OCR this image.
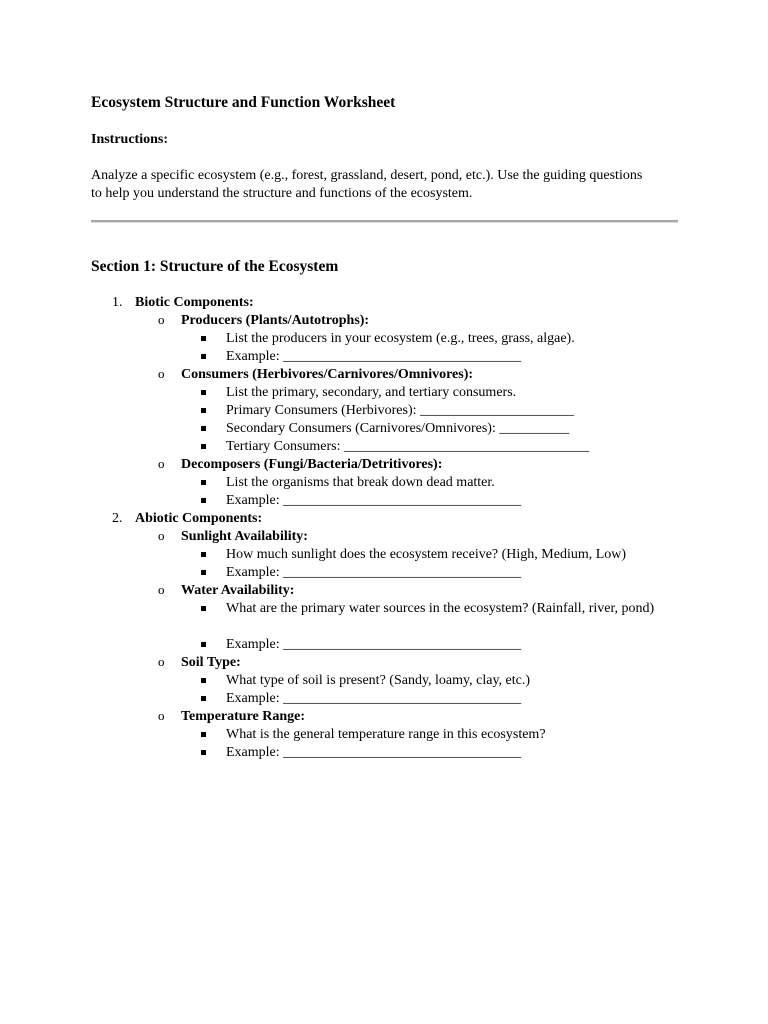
Ecosystem Structure and Function Worksheet
Instructions:
Analyze a specific ecosystem (e.g., forest, grassland, desert, pond, etc.). Use the guiding questions to help you understand the structure and functions of the ecosystem.
Section 1: Structure of the Ecosystem
1. Biotic Components:
o Producers (Plants/Autotrophs):
List the producers in your ecosystem (e.g., trees, grass, algae).
Example: __________________________________
o Consumers (Herbivores/Carnivores/Omnivores):
List the primary, secondary, and tertiary consumers.
Primary Consumers (Herbivores): ______________________
Secondary Consumers (Carnivores/Omnivores): __________
Tertiary Consumers: ___________________________________
o Decomposers (Fungi/Bacteria/Detritivores):
List the organisms that break down dead matter.
Example: __________________________________
2. Abiotic Components:
o Sunlight Availability:
How much sunlight does the ecosystem receive? (High, Medium, Low)
Example: __________________________________
o Water Availability:
What are the primary water sources in the ecosystem? (Rainfall, river, pond)
Example: __________________________________
o Soil Type:
What type of soil is present? (Sandy, loamy, clay, etc.)
Example: __________________________________
o Temperature Range:
What is the general temperature range in this ecosystem?
Example: __________________________________
